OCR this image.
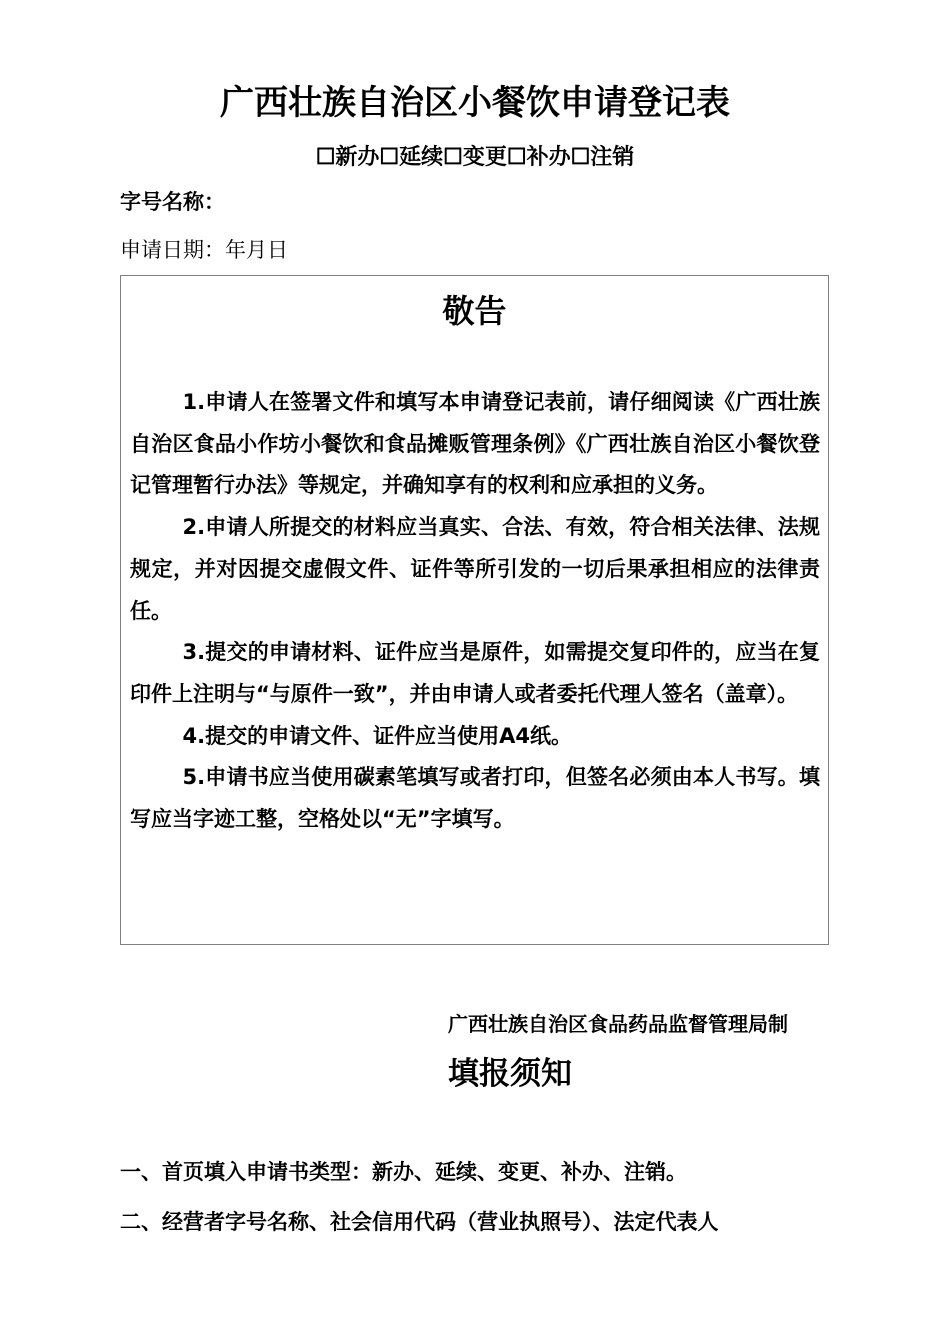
广西壮族自治区小餐饮申请登记表
☐新办☐延续☐变更☐补办☐注销
字号名称：
申请日期：年月日
敬告

1.申请人在签署文件和填写本申请登记表前，请仔细阅读《广西壮族自治区食品小作坊小餐饮和食品摊贩管理条例》《广西壮族自治区小餐饮登记管理暂行办法》等规定，并确知享有的权利和应承担的义务。

2.申请人所提交的材料应当真实、合法、有效，符合相关法律、法规规定，并对因提交虚假文件、证件等所引发的一切后果承担相应的法律责任。

3.提交的申请材料、证件应当是原件，如需提交复印件的，应当在复印件上注明与“与原件一致”，并由申请人或者委托代理人签名（盖章）。

4.提交的申请文件、证件应当使用A4纸。

5.申请书应当使用碳素笔填写或者打印，但签名必须由本人书写。填写应当字迹工整，空格处以“无”字填写。

广西壮族自治区食品药品监督管理局制
填报须知
一、首页填入申请书类型：新办、延续、变更、补办、注销。
二、经营者字号名称、社会信用代码（营业执照号）、法定代表人
